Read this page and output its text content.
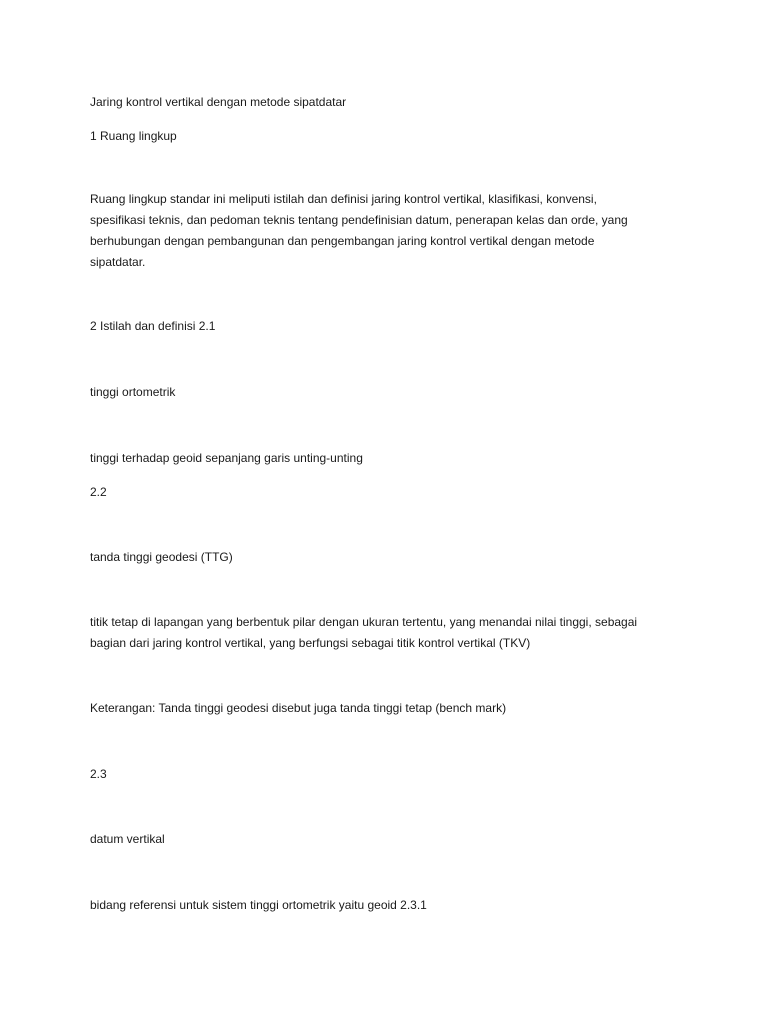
Jaring kontrol vertikal dengan metode sipatdatar

1 Ruang lingkup

Ruang lingkup standar ini meliputi istilah dan definisi jaring kontrol vertikal, klasifikasi, konvensi,
spesifikasi teknis, dan pedoman teknis tentang pendefinisian datum, penerapan kelas dan orde, yang
berhubungan dengan pembangunan dan pengembangan jaring kontrol vertikal dengan metode
sipatdatar.

2 Istilah dan definisi 2.1

tinggi ortometrik

tinggi terhadap geoid sepanjang garis unting-unting

2.2

tanda tinggi geodesi (TTG)

titik tetap di lapangan yang berbentuk pilar dengan ukuran tertentu, yang menandai nilai tinggi, sebagai
bagian dari jaring kontrol vertikal, yang berfungsi sebagai titik kontrol vertikal (TKV)

Keterangan: Tanda tinggi geodesi disebut juga tanda tinggi tetap (bench mark)

2.3

datum vertikal

bidang referensi untuk sistem tinggi ortometrik yaitu geoid 2.3.1
